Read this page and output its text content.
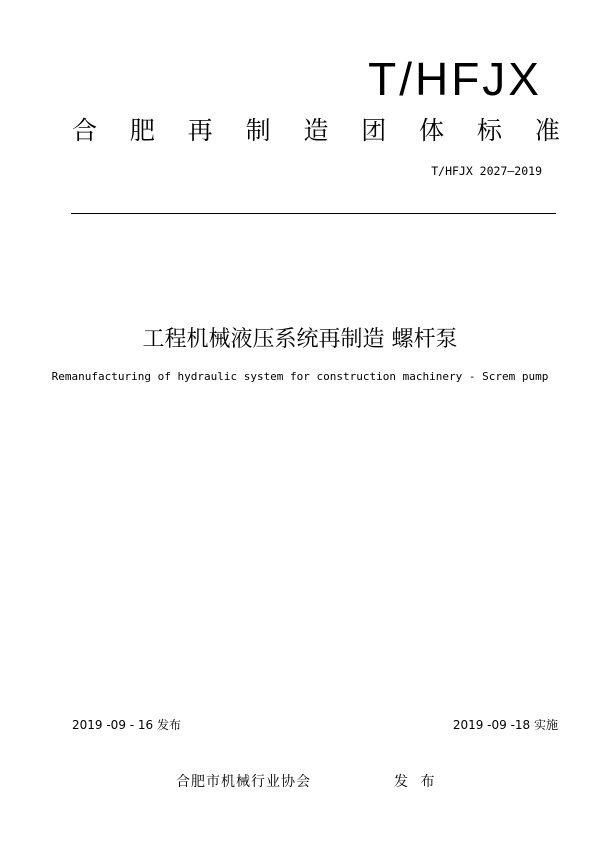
T/HFJX
合 肥 再 制 造 团 体 标 准
T/HFJX 2027—2019
工程机械液压系统再制造 螺杆泵
Remanufacturing of hydraulic system for construction machinery - Screm pump
2019 -09 - 16 发布	2019 -09 -18 实施
合肥市机械行业协会	发 布
